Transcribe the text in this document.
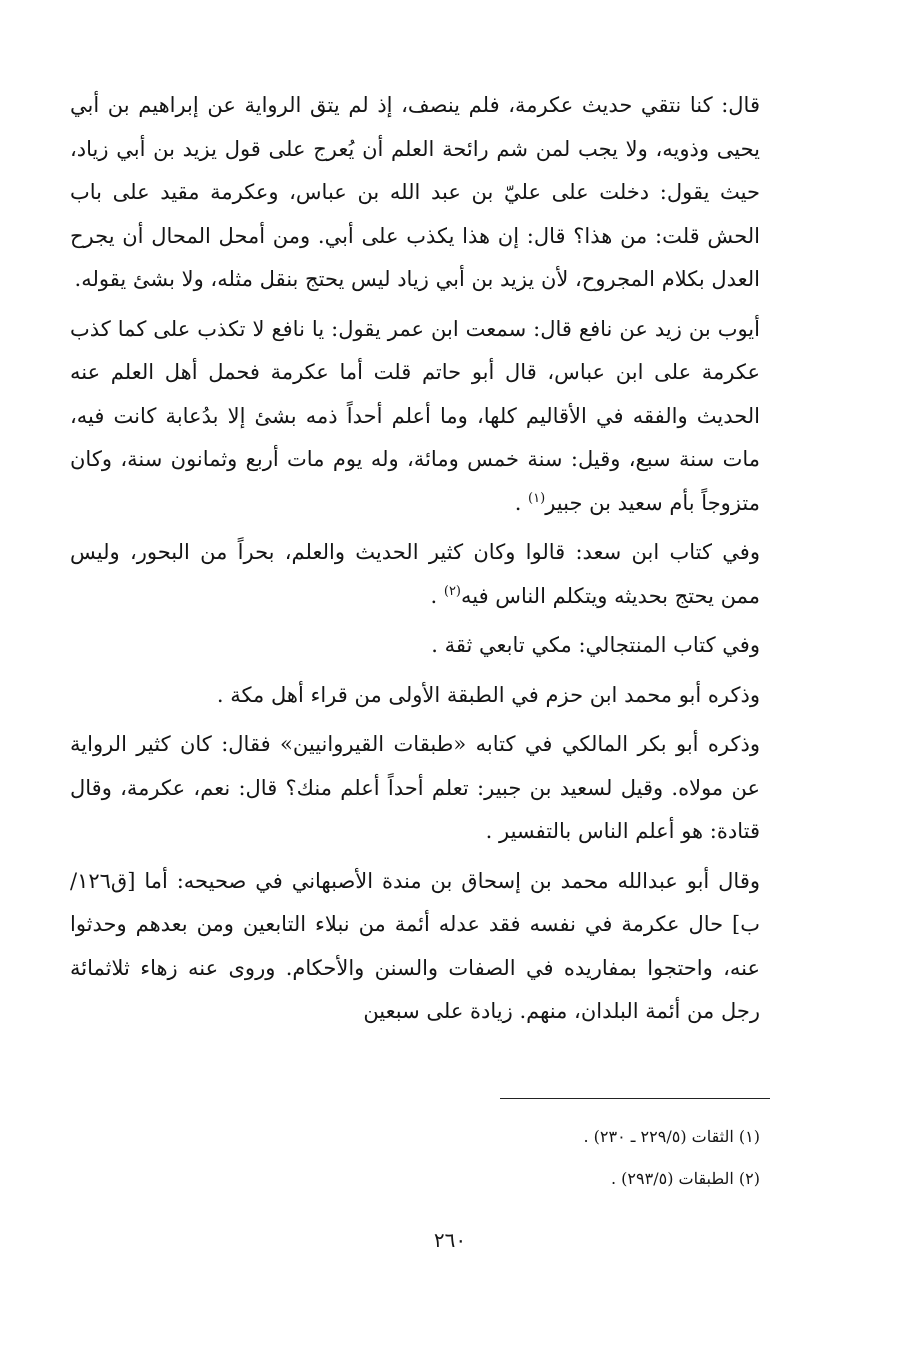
قال: كنا نتقي حديث عكرمة، فلم ينصف، إذ لم يتق الرواية عن إبراهيم بن أبي يحيى وذويه، ولا يجب لمن شم رائحة العلم أن يُعرج على قول يزيد بن أبي زياد، حيث يقول: دخلت على عليّ بن عبد الله بن عباس، وعكرمة مقيد على باب الحش قلت: من هذا؟ قال: إن هذا يكذب على أبي. ومن أمحل المحال أن يجرح العدل بكلام المجروح، لأن يزيد بن أبي زياد ليس يحتج بنقل مثله، ولا بشئ يقوله.

أيوب بن زيد عن نافع قال: سمعت ابن عمر يقول: يا نافع لا تكذب على كما كذب عكرمة على ابن عباس، قال أبو حاتم قلت أما عكرمة فحمل أهل العلم عنه الحديث والفقه في الأقاليم كلها، وما أعلم أحداً ذمه بشئ إلا بدُعابة كانت فيه، مات سنة سبع، وقيل: سنة خمس ومائة، وله يوم مات أربع وثمانون سنة، وكان متزوجاً بأم سعيد بن جبير$^{(١)}$ .

وفي كتاب ابن سعد: قالوا وكان كثير الحديث والعلم، بحراً من البحور، وليس ممن يحتج بحديثه ويتكلم الناس فيه$^{(٢)}$ .

وفي كتاب المنتجالي: مكي تابعي ثقة .

وذكره أبو محمد ابن حزم في الطبقة الأولى من قراء أهل مكة .

وذكره أبو بكر المالكي في كتابه «طبقات القيروانيين» فقال: كان كثير الرواية عن مولاه. وقيل لسعيد بن جبير: تعلم أحداً أعلم منك؟ قال: نعم، عكرمة، وقال قتادة: هو أعلم الناس بالتفسير .

وقال أبو عبدالله محمد بن إسحاق بن مندة الأصبهاني في صحيحه: أما [ق١٢٦/ب] حال عكرمة في نفسه فقد عدله أئمة من نبلاء التابعين ومن بعدهم وحدثوا عنه، واحتجوا بمفاريده في الصفات والسنن والأحكام. وروى عنه زهاء ثلاثمائة رجل من أئمة البلدان، منهم. زيادة على سبعين

(١) الثقات (٢٢٩/٥ ـ ٢٣٠) .
(٢) الطبقات (٢٩٣/٥) .
٢٦٠
